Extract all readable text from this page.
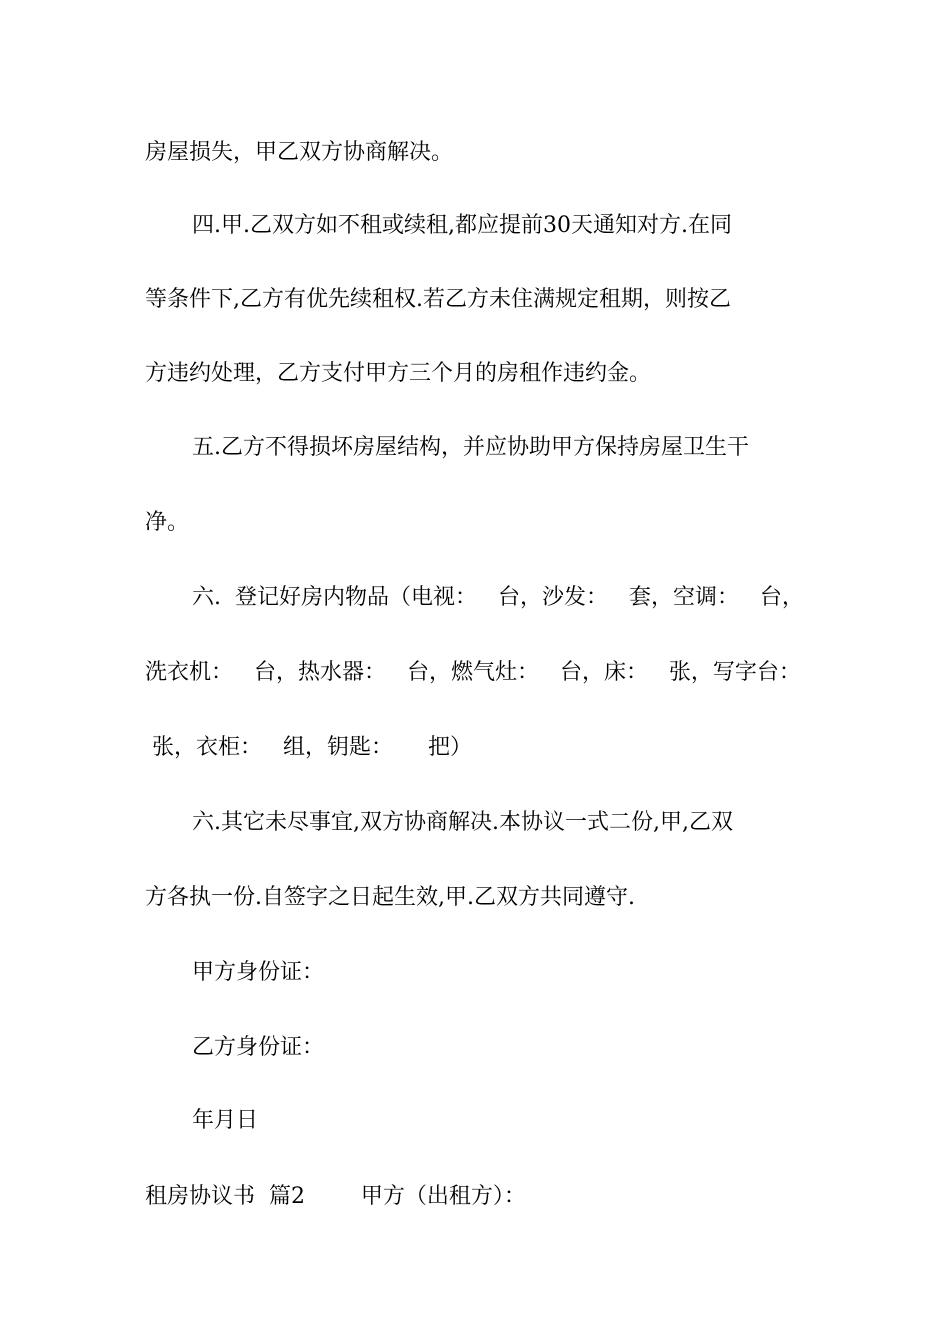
房屋损失，甲乙双方协商解决。

四.甲.乙双方如不租或续租,都应提前30天通知对方.在同

等条件下,乙方有优先续租权.若乙方未住满规定租期，则按乙

方违约处理，乙方支付甲方三个月的房租作违约金。

五.乙方不得损坏房屋结构，并应协助甲方保持房屋卫生干

净。

六.  登记好房内物品（电视：   台，沙发：   套，空调：   台，

洗衣机：   台，热水器：   台，燃气灶：   台，床：   张，写字台：

张，衣柜：   组，钥匙：     把）

六.其它未尽事宜,双方协商解决.本协议一式二份,甲,乙双

方各执一份.自签字之日起生效,甲.乙双方共同遵守.

甲方身份证：

乙方身份证：

年月日

租房协议书  篇2        甲方（出租方）：
